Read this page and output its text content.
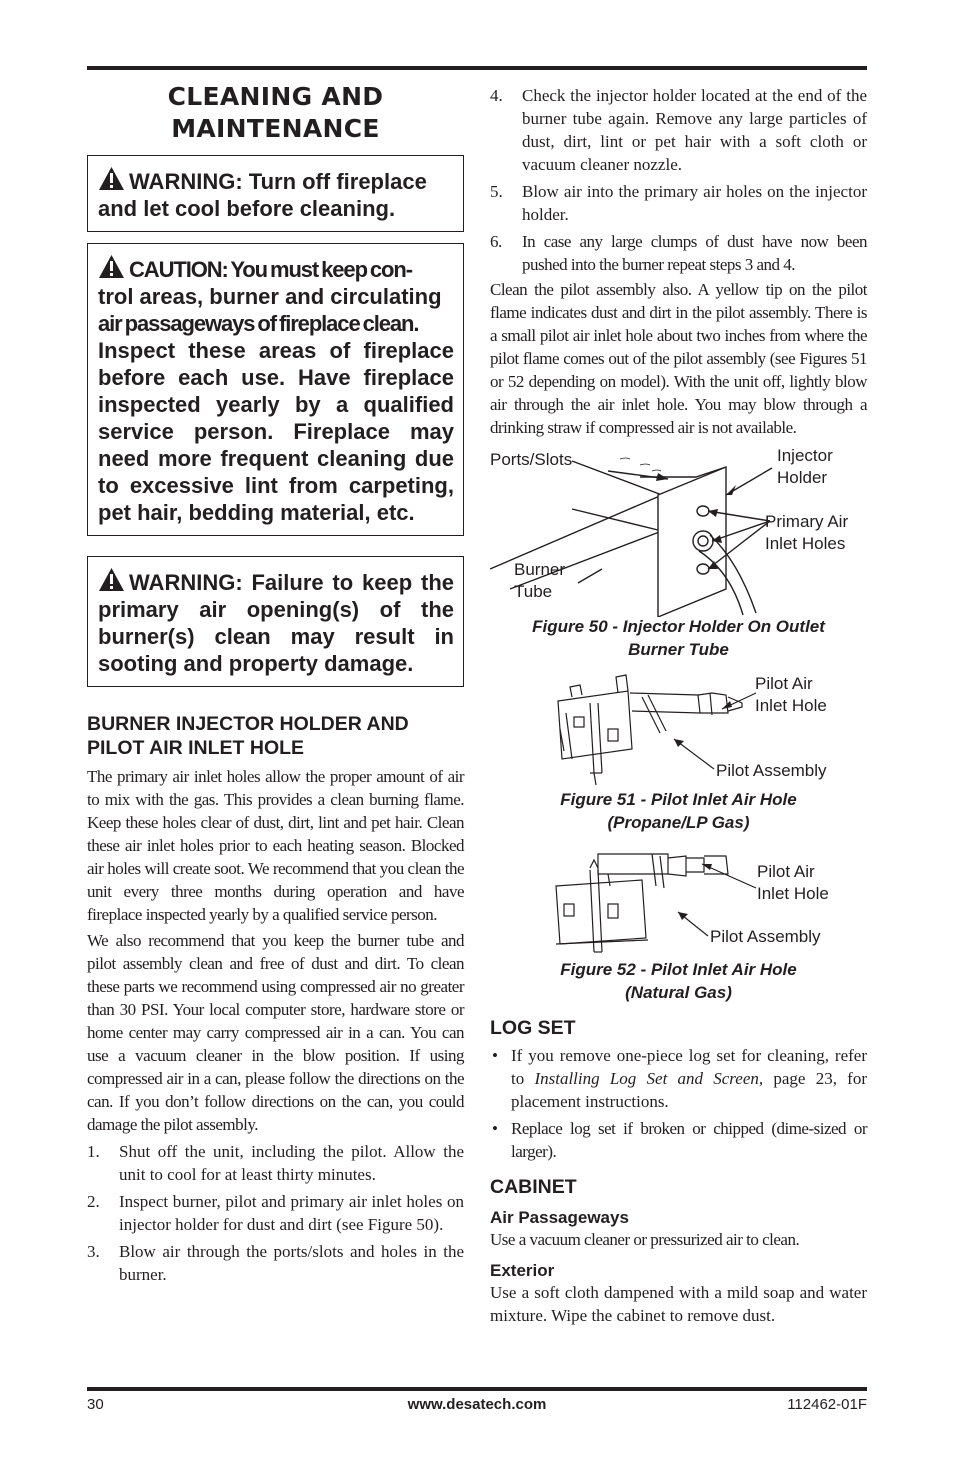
CLEANING AND MAINTENANCE
WARNING: Turn off fireplace and let cool before cleaning.
CAUTION: You must keep con-
trol areas, burner and circulating
air passageways of fireplace clean.
Inspect these areas of fireplace before each use. Have fireplace inspected yearly by a qualified service person. Fireplace may need more frequent cleaning due to excessive lint from carpeting, pet hair, bedding material, etc.
WARNING: Failure to keep the primary air opening(s) of the burner(s) clean may result in sooting and property damage.
BURNER INJECTOR HOLDER AND PILOT AIR INLET HOLE

The primary air inlet holes allow the proper amount of air to mix with the gas. This provides a clean burning flame. Keep these holes clear of dust, dirt, lint and pet hair. Clean these air inlet holes prior to each heating season. Blocked air holes will create soot. We recommend that you clean the unit every three months during operation and have fireplace inspected yearly by a qualified service person.

We also recommend that you keep the burner tube and pilot assembly clean and free of dust and dirt. To clean these parts we recommend using compressed air no greater than 30 PSI. Your local computer store, hardware store or home center may carry compressed air in a can. You can use a vacuum cleaner in the blow position. If using compressed air in a can, please follow the directions on the can. If you don’t follow directions on the can, you could damage the pilot assembly.

1. Shut off the unit, including the pilot. Allow the unit to cool for at least thirty minutes.
2. Inspect burner, pilot and primary air inlet holes on injector holder for dust and dirt (see Figure 50).
3. Blow air through the ports/slots and holes in the burner.
4. Check the injector holder located at the end of the burner tube again. Remove any large particles of dust, dirt, lint or pet hair with a soft cloth or vacuum cleaner nozzle.
5. Blow air into the primary air holes on the injector holder.
6. In case any large clumps of dust have now been pushed into the burner repeat steps 3 and 4.

Clean the pilot assembly also. A yellow tip on the pilot flame indicates dust and dirt in the pilot assembly. There is a small pilot air inlet hole about two inches from where the pilot flame comes out of the pilot assembly (see Figures 51 or 52 depending on model). With the unit off, lightly blow air through the air inlet hole. You may blow through a drinking straw if compressed air is not available.

Ports/Slots	Injector
Holder
Primary Air
Inlet Holes
Burner
Tube
Figure 50 - Injector Holder On Outlet
Burner Tube
Pilot Air
Inlet Hole
Pilot Assembly
Figure 51 - Pilot Inlet Air Hole
(Propane/LP Gas)
Pilot Air
Inlet Hole
Pilot Assembly
Figure 52 - Pilot Inlet Air Hole
(Natural Gas)
LOG SET
• If you remove one-piece log set for cleaning, refer to Installing Log Set and Screen, page 23, for placement instructions.
• Replace log set if broken or chipped (dime-sized or larger).
CABINET
Air Passageways

Use a vacuum cleaner or pressurized air to clean.

Exterior

Use a soft cloth dampened with a mild soap and water mixture. Wipe the cabinet to remove dust.

30	www.desatech.com	112462-01F
